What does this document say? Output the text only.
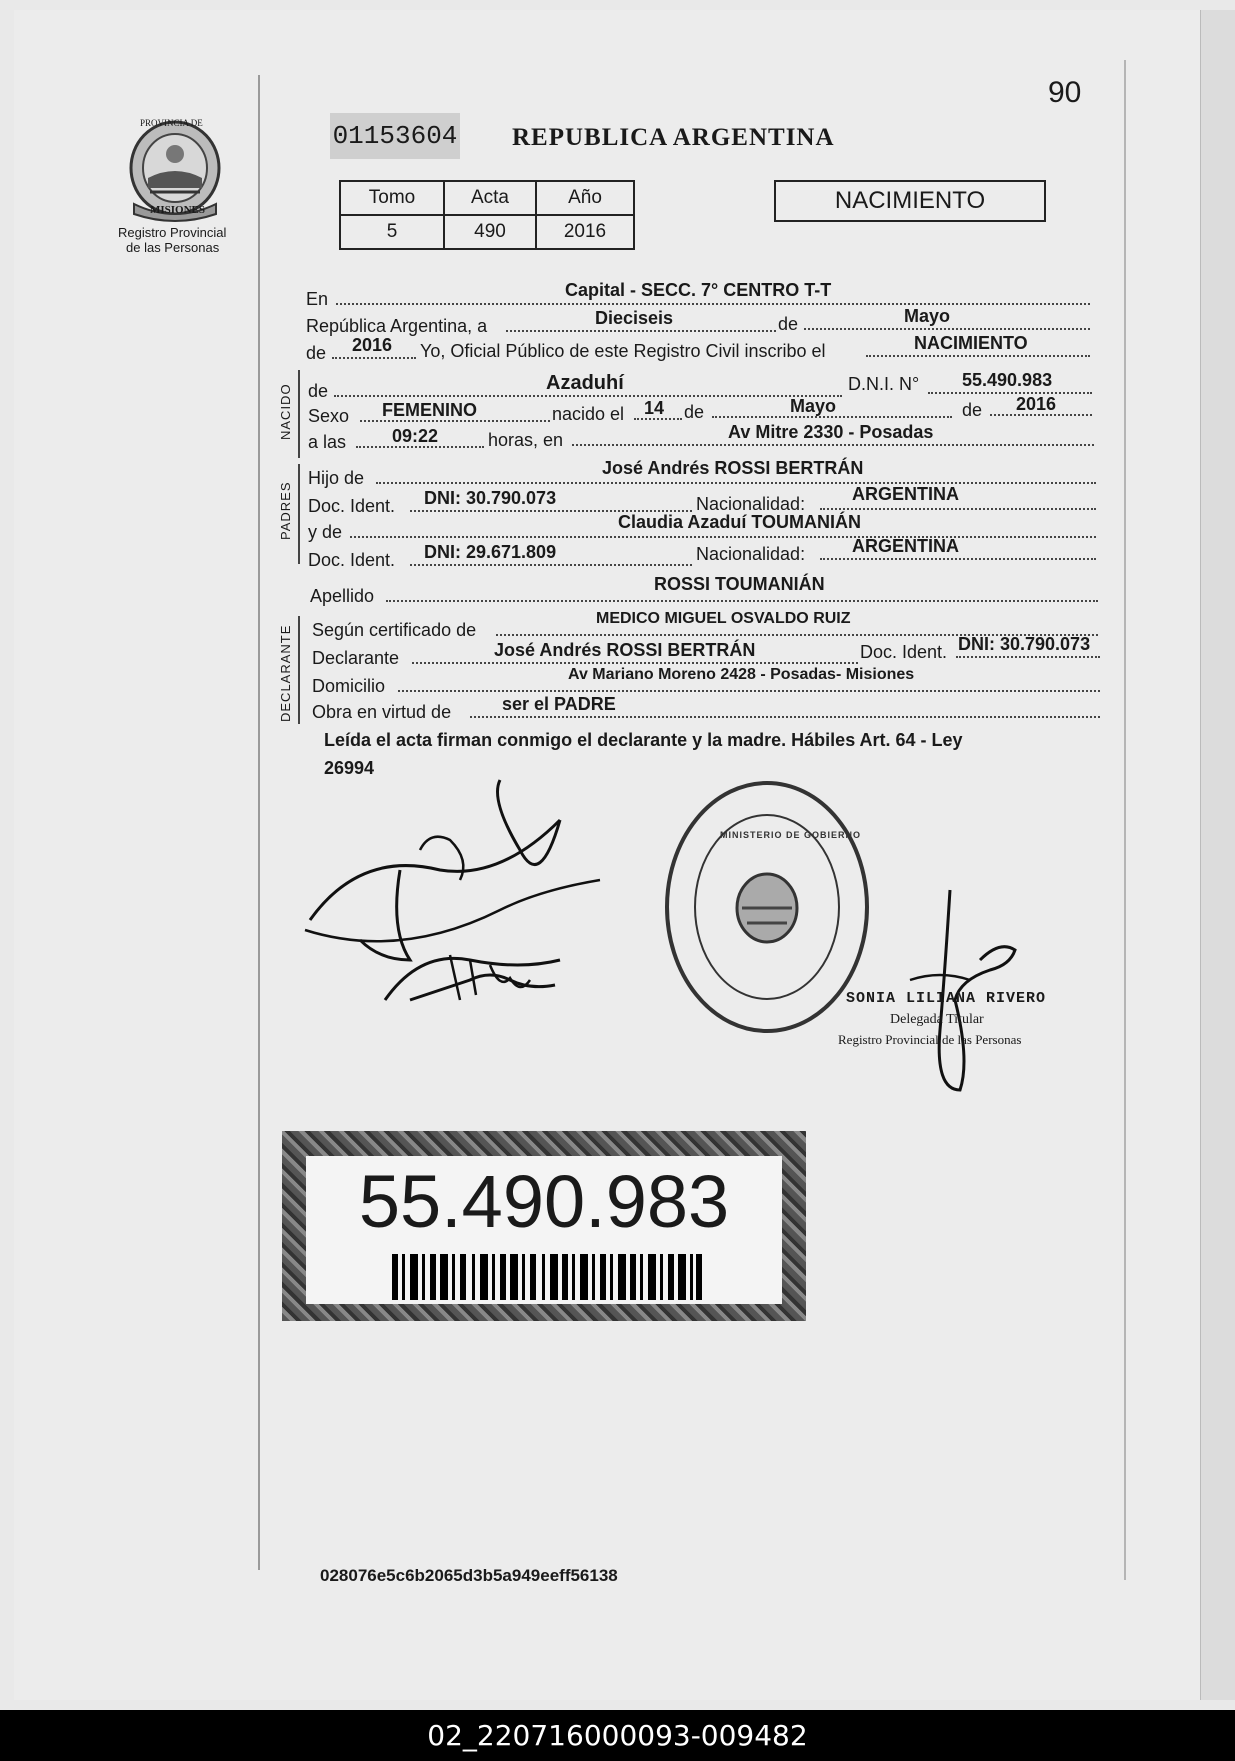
90
PROVINCIA DE
MISIONES
Registro Provincial
de las Personas
01153604 REPUBLICA ARGENTINA
Tomo	Acta	Año
5	490	2016
NACIMIENTO
En	Capital - SECC. 7° CENTRO T-T
República Argentina, a	Dieciseis	de	Mayo
de 2016 Yo, Oficial Público de este Registro Civil inscribo el	NACIMIENTO
NACIDO de	Azaduhí	D.N.I. N° 55.490.983
Sexo FEMENINO	nacido el 14 de	Mayo	de 2016
a las	09:22	horas, en	Av Mitre 2330 - Posadas
PADRES
Hijo de	José Andrés ROSSI BERTRÁN
Doc. Ident. DNI: 30.790.073	Nacionalidad:	ARGENTINA
y de	Claudia Azaduí TOUMANIÁN
Doc. Ident. DNI: 29.671.809	Nacionalidad:	ARGENTINA
Apellido
ROSSI TOUMANIÁN
DECLARANTE Según certificado de
MEDICO MIGUEL OSVALDO RUIZ
Declarante	José Andrés ROSSI BERTRÁN	Doc. Ident. DNI: 30.790.073
Domicilio
Av Mariano Moreno 2428 - Posadas- Misiones
Obra en virtud de	ser el PADRE
Leída el acta firman conmigo el declarante y la madre. Hábiles Art. 64 - Ley
26994
MINISTERIO DE GOBIERNO
SONIA LILIANA RIVERO
Delegada Titular
Registro Provincial de las Personas
55.490.983
028076e5c6b2065d3b5a949eeff56138
02_220716000093-009482
